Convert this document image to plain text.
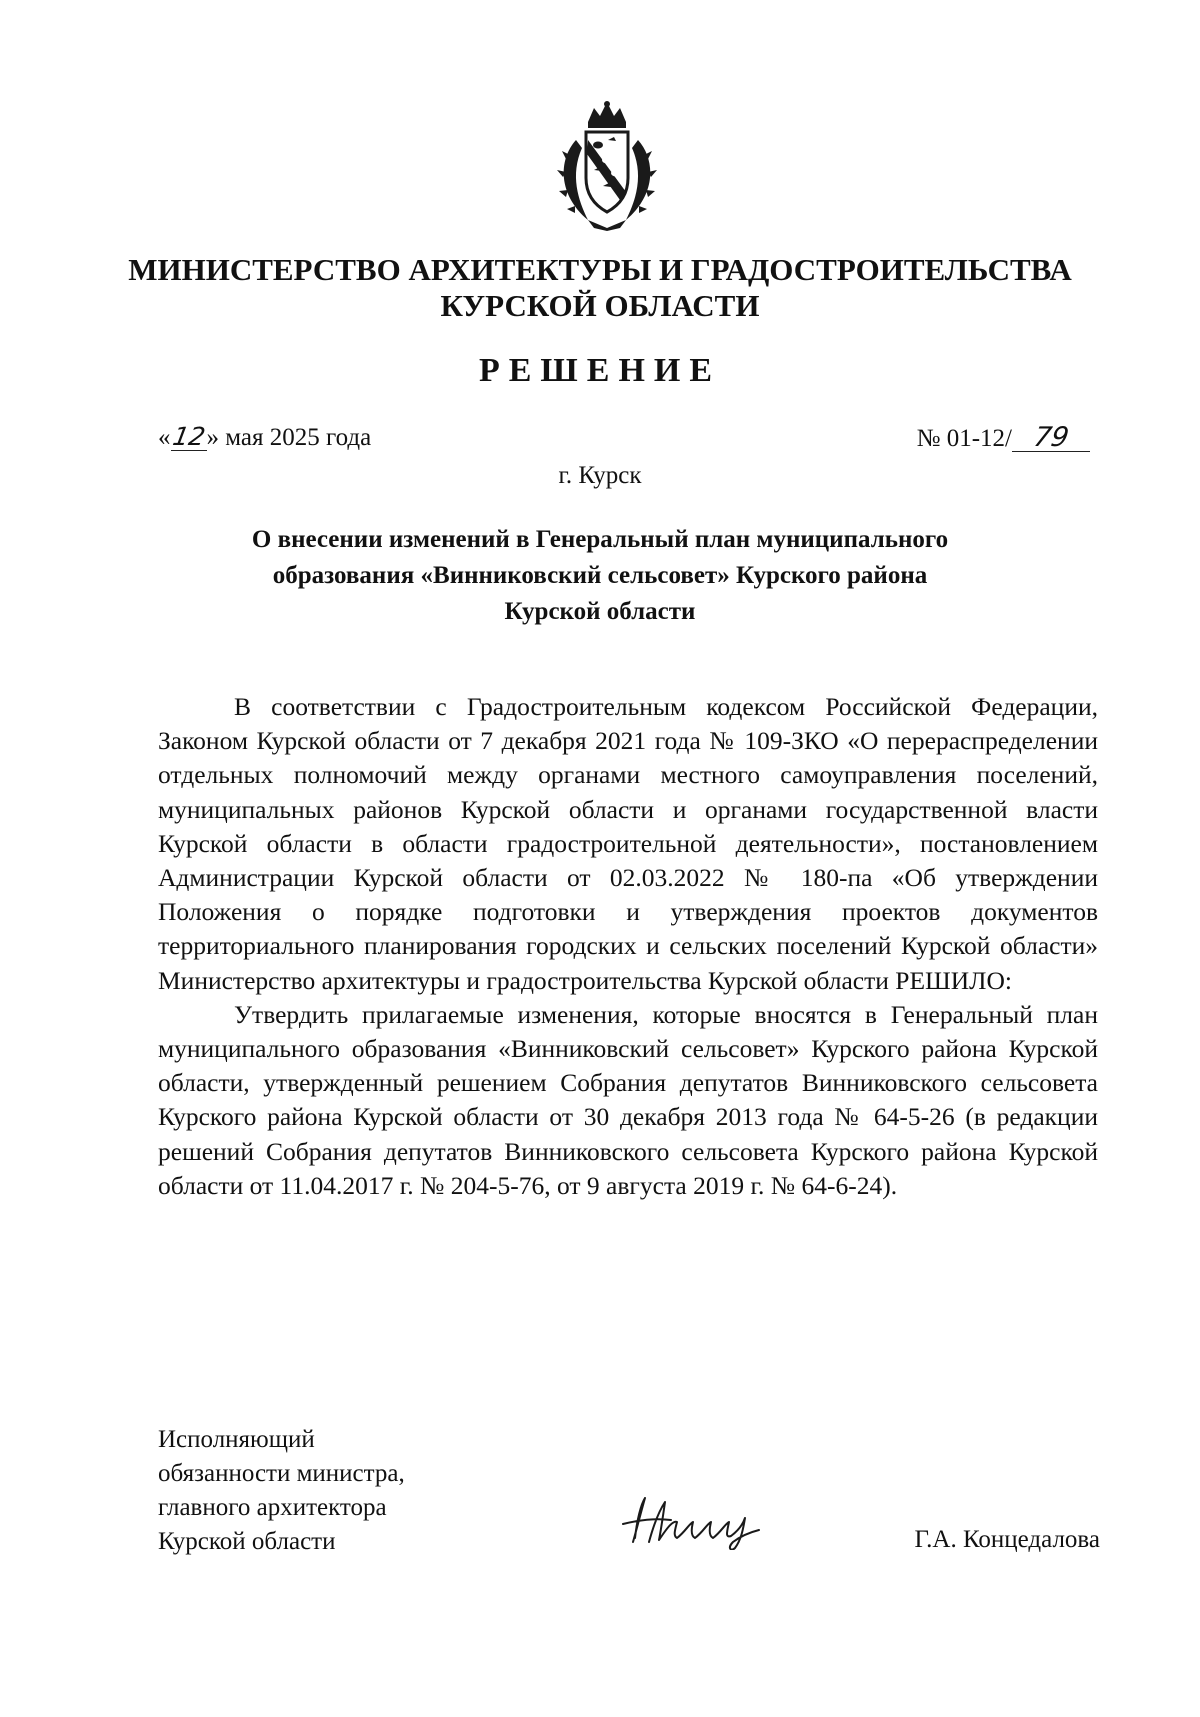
МИНИСТЕРСТВО АРХИТЕКТУРЫ И ГРАДОСТРОИТЕЛЬСТВА
КУРСКОЙ ОБЛАСТИ
РЕШЕНИЕ
«12» мая 2025 года	№ 01-12/ 79
г. Курск
О внесении изменений в Генеральный план муниципального
образования «Винниковский сельсовет» Курского района
Курской области

В соответствии с Градостроительным кодексом Российской Федерации, Законом Курской области от 7 декабря 2021 года № 109-ЗКО «О перераспределении отдельных полномочий между органами местного самоуправления поселений, муниципальных районов Курской области и органами государственной власти Курской области в области градостроительной деятельности», постановлением Администрации Курской области от 02.03.2022 № 180-па «Об утверждении Положения о порядке подготовки и утверждения проектов документов территориального планирования городских и сельских поселений Курской области» Министерство архитектуры и градостроительства Курской области РЕШИЛО:

Утвердить прилагаемые изменения, которые вносятся в Генеральный план муниципального образования «Винниковский сельсовет» Курского района Курской области, утвержденный решением Собрания депутатов Винниковского сельсовета Курского района Курской области от 30 декабря 2013 года № 64-5-26 (в редакции решений Собрания депутатов Винниковского сельсовета Курского района Курской области от 11.04.2017 г. № 204-5-76, от 9 августа 2019 г. № 64-6-24).

Исполняющий
обязанности министра,
главного архитектора
Курской области	Г.А. Концедалова
